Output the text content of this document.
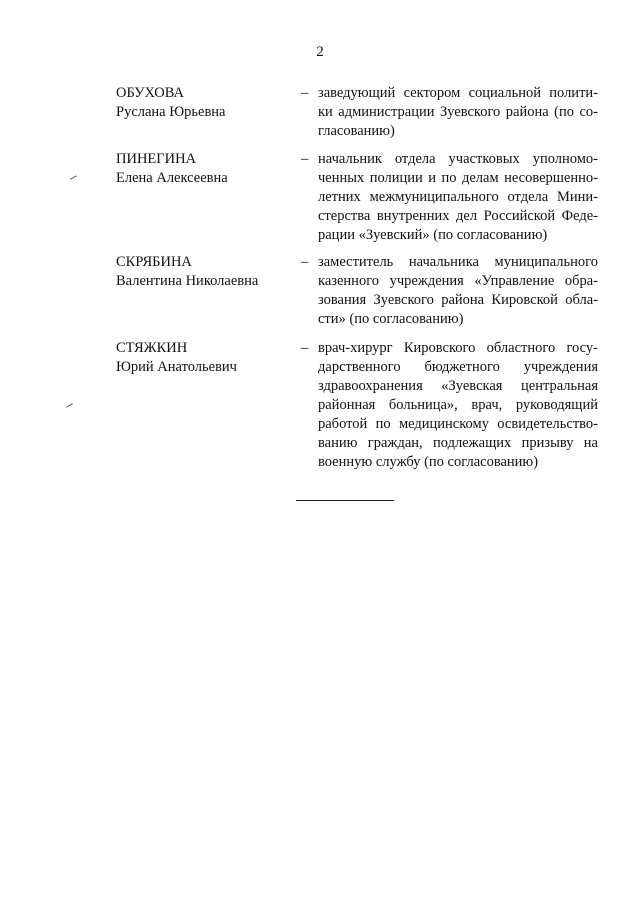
2
ОБУХОВА
Руслана Юрьевна
– заведующий сектором социальной полити-
ки администрации Зуевского района (по со-
гласованию)
ПИНЕГИНА
Елена Алексеевна
– начальник отдела участковых уполномо-
ченных полиции и по делам несовершенно-
летних межмуниципального отдела Мини-
стерства внутренних дел Российской Феде-
рации «Зуевский» (по согласованию)
СКРЯБИНА
Валентина Николаевна
– заместитель начальника муниципального
казенного учреждения «Управление обра-
зования Зуевского района Кировской обла-
сти» (по согласованию)
СТЯЖКИН
Юрий Анатольевич
– врач-хирург Кировского областного госу-
дарственного бюджетного учреждения
здравоохранения «Зуевская центральная
районная больница», врач, руководящий
работой по медицинскому освидетельство-
ванию граждан, подлежащих призыву на
военную службу (по согласованию)
